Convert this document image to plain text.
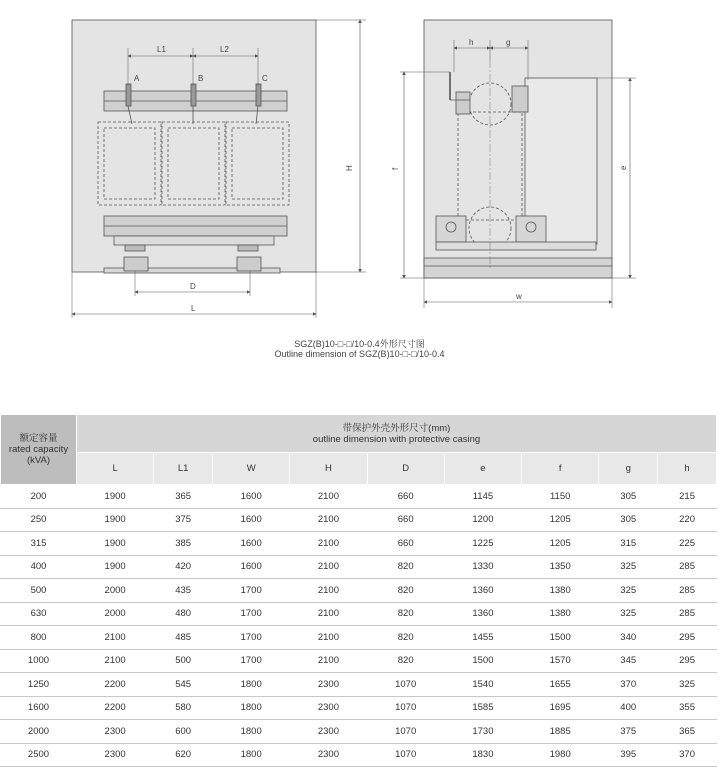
L1	L2
A	B	C
D
L
H
h	g
f	e
w
SGZ(B)10-□-□/10-0.4外形尺寸图
Outline dimension of SGZ(B)10-□-□/10-0.4
额定容量
rated capacity
(kVA)	带保护外壳外形尺寸(mm)
outline dimension with protective casing								
	L	L1	W	H	D	e	f	g	h
200	1900	365	1600	2100	660	1145	1150	305	215
250	1900	375	1600	2100	660	1200	1205	305	220
315	1900	385	1600	2100	660	1225	1205	315	225
400	1900	420	1600	2100	820	1330	1350	325	285
500	2000	435	1700	2100	820	1360	1380	325	285
630	2000	480	1700	2100	820	1360	1380	325	285
800	2100	485	1700	2100	820	1455	1500	340	295
1000	2100	500	1700	2100	820	1500	1570	345	295
1250	2200	545	1800	2300	1070	1540	1655	370	325
1600	2200	580	1800	2300	1070	1585	1695	400	355
2000	2300	600	1800	2300	1070	1730	1885	375	365
2500	2300	620	1800	2300	1070	1830	1980	395	370
